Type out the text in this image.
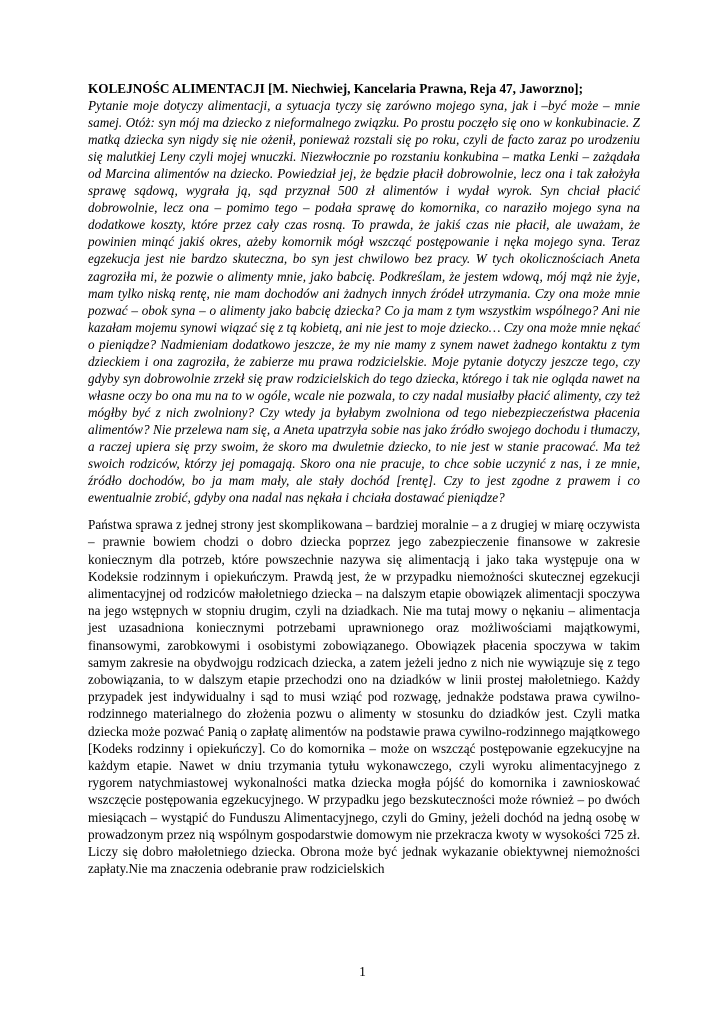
KOLEJNOŚC ALIMENTACJI [M. Niechwiej, Kancelaria Prawna, Reja 47, Jaworzno];
Pytanie moje dotyczy alimentacji, a sytuacja tyczy się zarówno mojego syna, jak i –być może – mnie samej. Otóż: syn mój ma dziecko z nieformalnego związku. Po prostu poczęło się ono w konkubinacie. Z matką dziecka syn nigdy się nie ożenił, ponieważ rozstali się po roku, czyli de facto zaraz po urodzeniu się malutkiej Leny czyli mojej wnuczki. Niezwłocznie po rozstaniu konkubina – matka Lenki – zażądała od Marcina alimentów na dziecko. Powiedział jej, że będzie płacił dobrowolnie, lecz ona i tak założyła sprawę sądową, wygrała ją, sąd przyznał 500 zł alimentów i wydał wyrok. Syn chciał płacić dobrowolnie, lecz ona – pomimo tego – podała sprawę do komornika, co naraziło mojego syna na dodatkowe koszty, które przez cały czas rosną. To prawda, że jakiś czas nie płacił, ale uważam, że powinien minąć jakiś okres, ażeby komornik mógł wszcząć postępowanie i nęka mojego syna. Teraz egzekucja jest nie bardzo skuteczna, bo syn jest chwilowo bez pracy. W tych okolicznościach Aneta zagroziła mi, że pozwie o alimenty mnie, jako babcię. Podkreślam, że jestem wdową, mój mąż nie żyje, mam tylko niską rentę, nie mam dochodów ani żadnych innych źródeł utrzymania. Czy ona może mnie pozwać – obok syna – o alimenty jako babcię dziecka? Co ja mam z tym wszystkim wspólnego? Ani nie kazałam mojemu synowi wiązać się z tą kobietą, ani nie jest to moje dziecko… Czy ona może mnie nękać o pieniądze? Nadmieniam dodatkowo jeszcze, że my nie mamy z synem nawet żadnego kontaktu z tym dzieckiem i ona zagroziła, że zabierze mu prawa rodzicielskie. Moje pytanie dotyczy jeszcze tego, czy gdyby syn dobrowolnie zrzekł się praw rodzicielskich do tego dziecka, którego i tak nie ogląda nawet na własne oczy bo ona mu na to w ogóle, wcale nie pozwala, to czy nadal musiałby płacić alimenty, czy też mógłby być z nich zwolniony? Czy wtedy ja byłabym zwolniona od tego niebezpieczeństwa płacenia alimentów? Nie przelewa nam się, a Aneta upatrzyła sobie nas jako źródło swojego dochodu i tłumaczy, a raczej upiera się przy swoim, że skoro ma dwuletnie dziecko, to nie jest w stanie pracować. Ma też swoich rodziców, którzy jej pomagają. Skoro ona nie pracuje, to chce sobie uczynić z nas, i ze mnie, źródło dochodów, bo ja mam mały, ale stały dochód [rentę]. Czy to jest zgodne z prawem i co ewentualnie zrobić, gdyby ona nadal nas nękała i chciała dostawać pieniądze?

Państwa sprawa z jednej strony jest skomplikowana – bardziej moralnie – a z drugiej w miarę oczywista – prawnie bowiem chodzi o dobro dziecka poprzez jego zabezpieczenie finansowe w zakresie koniecznym dla potrzeb, które powszechnie nazywa się alimentacją i jako taka występuje ona w Kodeksie rodzinnym i opiekuńczym. Prawdą jest, że w przypadku niemożności skutecznej egzekucji alimentacyjnej od rodziców małoletniego dziecka – na dalszym etapie obowiązek alimentacji spoczywa na jego wstępnych w stopniu drugim, czyli na dziadkach. Nie ma tutaj mowy o nękaniu – alimentacja jest uzasadniona koniecznymi potrzebami uprawnionego oraz możliwościami majątkowymi, finansowymi, zarobkowymi i osobistymi zobowiązanego. Obowiązek płacenia spoczywa w takim samym zakresie na obydwojgu rodzicach dziecka, a zatem jeżeli jedno z nich nie wywiązuje się z tego zobowiązania, to w dalszym etapie przechodzi ono na dziadków w linii prostej małoletniego. Każdy przypadek jest indywidualny i sąd to musi wziąć pod rozwagę, jednakże podstawa prawa cywilno-rodzinnego materialnego do złożenia pozwu o alimenty w stosunku do dziadków jest. Czyli matka dziecka może pozwać Panią o zapłatę alimentów na podstawie prawa cywilno-rodzinnego majątkowego [Kodeks rodzinny i opiekuńczy]. Co do komornika – może on wszcząć postępowanie egzekucyjne na każdym etapie. Nawet w dniu trzymania tytułu wykonawczego, czyli wyroku alimentacyjnego z rygorem natychmiastowej wykonalności matka dziecka mogła pójść do komornika i zawnioskować wszczęcie postępowania egzekucyjnego. W przypadku jego bezskuteczności może również – po dwóch miesiącach – wystąpić do Funduszu Alimentacyjnego, czyli do Gminy, jeżeli dochód na jedną osobę w prowadzonym przez nią wspólnym gospodarstwie domowym nie przekracza kwoty w wysokości 725 zł. Liczy się dobro małoletniego dziecka. Obrona może być jednak wykazanie obiektywnej niemożności zapłaty.Nie ma znaczenia odebranie praw rodzicielskich

1
